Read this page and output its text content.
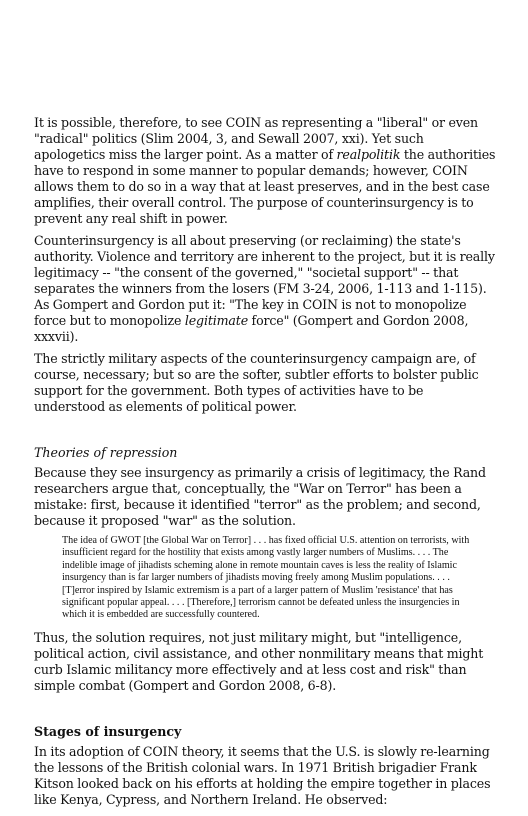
It is possible, therefore, to see COIN as representing a "liberal" or even "radical" politics (Slim 2004, 3, and Sewall 2007, xxi). Yet such apologetics miss the larger point. As a matter of realpolitik the authorities have to respond in some manner to popular demands; however, COIN allows them to do so in a way that at least preserves, and in the best case amplifies, their overall control. The purpose of counterinsurgency is to prevent any real shift in power.

Counterinsurgency is all about preserving (or reclaiming) the state's authority. Violence and territory are inherent to the project, but it is really legitimacy -- "the consent of the governed," "societal support" -- that separates the winners from the losers (FM 3-24, 2006, 1-113 and 1-115). As Gompert and Gordon put it: "The key in COIN is not to monopolize force but to monopolize legitimate force" (Gompert and Gordon 2008, xxxvii).

The strictly military aspects of the counterinsurgency campaign are, of course, necessary; but so are the softer, subtler efforts to bolster public support for the government. Both types of activities have to be understood as elements of political power.

Theories of repression

Because they see insurgency as primarily a crisis of legitimacy, the Rand researchers argue that, conceptually, the "War on Terror" has been a mistake: first, because it identified "terror" as the problem; and second, because it proposed "war" as the solution.

The idea of GWOT [the Global War on Terror] . . . has fixed official U.S. attention on terrorists, with insufficient regard for the hostility that exists among vastly larger numbers of Muslims. . . . The indelible image of jihadists scheming alone in remote mountain caves is less the reality of Islamic insurgency than is far larger numbers of jihadists moving freely among Muslim populations. . . . [T]error inspired by Islamic extremism is a part of a larger pattern of Muslim 'resistance' that has significant popular appeal. . . . [Therefore,] terrorism cannot be defeated unless the insurgencies in which it is embedded are successfully countered.

Thus, the solution requires, not just military might, but "intelligence, political action, civil assistance, and other nonmilitary means that might curb Islamic militancy more effectively and at less cost and risk" than simple combat (Gompert and Gordon 2008, 6-8).

Stages of insurgency

In its adoption of COIN theory, it seems that the U.S. is slowly re-learning the lessons of the British colonial wars. In 1971 British brigadier Frank Kitson looked back on his efforts at holding the empire together in places like Kenya, Cypress, and Northern Ireland. He observed:
